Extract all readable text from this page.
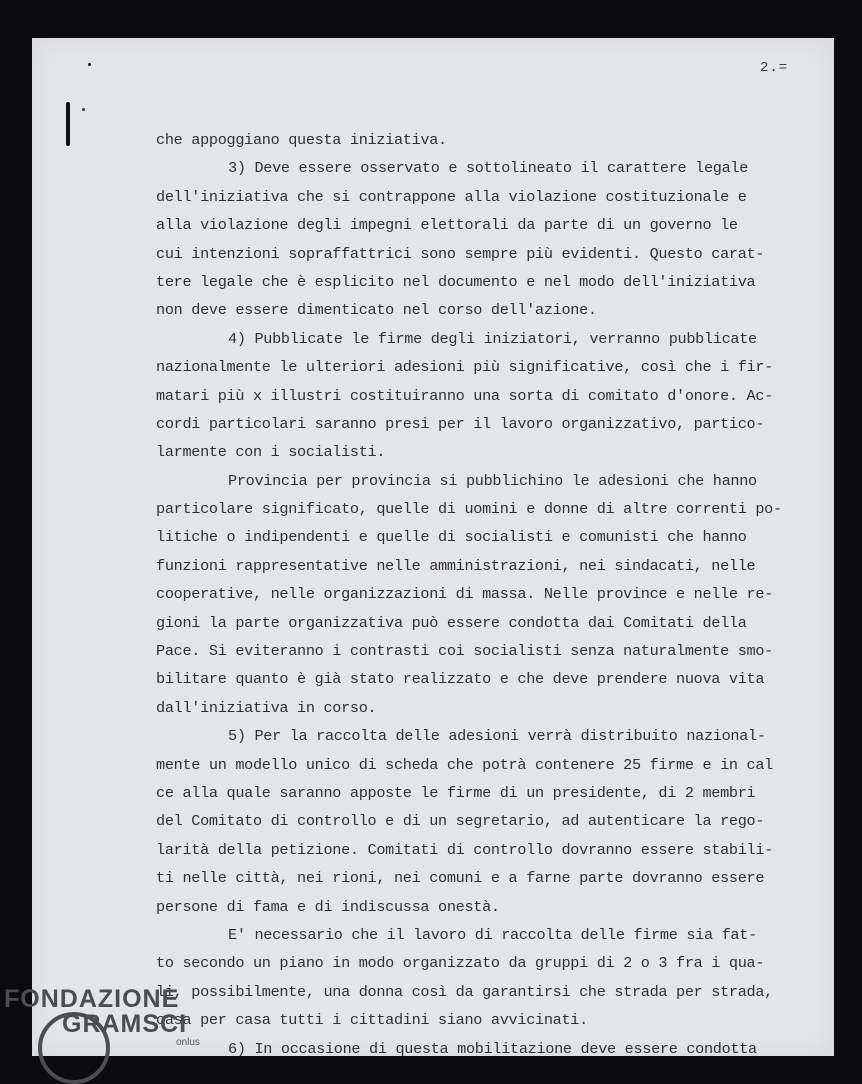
2.=
che appoggiano questa iniziativa.
3) Deve essere osservato e sottolineato il carattere legale
dell'iniziativa che si contrappone alla violazione costituzionale e
alla violazione degli impegni elettorali da parte di un governo le
cui intenzioni sopraffattrici sono sempre più evidenti. Questo carat-
tere legale che è esplicito nel documento e nel modo dell'iniziativa
non deve essere dimenticato nel corso dell'azione.
4) Pubblicate le firme degli iniziatori, verranno pubblicate
nazionalmente le ulteriori adesioni più significative, così che i fir-
matari più x illustri costituiranno una sorta di comitato d'onore. Ac-
cordi particolari saranno presi per il lavoro organizzativo, partico-
larmente con i socialisti.
Provincia per provincia si pubblichino le adesioni che hanno
particolare significato, quelle di uomini e donne di altre correnti po-
litiche o indipendenti e quelle di socialisti e comunisti che hanno
funzioni rappresentative nelle amministrazioni, nei sindacati, nelle
cooperative, nelle organizzazioni di massa. Nelle province e nelle re-
gioni la parte organizzativa può essere condotta dai Comitati della
Pace. Si eviteranno i contrasti coi socialisti senza naturalmente smo-
bilitare quanto è già stato realizzato e che deve prendere nuova vita
dall'iniziativa in corso.
5) Per la raccolta delle adesioni verrà distribuito nazional-
mente un modello unico di scheda che potrà contenere 25 firme e in cal
ce alla quale saranno apposte le firme di un presidente, di 2 membri
del Comitato di controllo e di un segretario, ad autenticare la rego-
larità della petizione. Comitati di controllo dovranno essere stabili-
ti nelle città, nei rioni, nei comuni e a farne parte dovranno essere
persone di fama e di indiscussa onestà.
E' necessario che il lavoro di raccolta delle firme sia fat-
to secondo un piano in modo organizzato da gruppi di 2 o 3 fra i qua-
li, possibilmente, una donna così da garantirsi che strada per strada,
casa per casa tutti i cittadini siano avvicinati.
6) In occasione di questa mobilitazione deve essere condotta
FONDAZIONE
GRAMSCI
onlus
